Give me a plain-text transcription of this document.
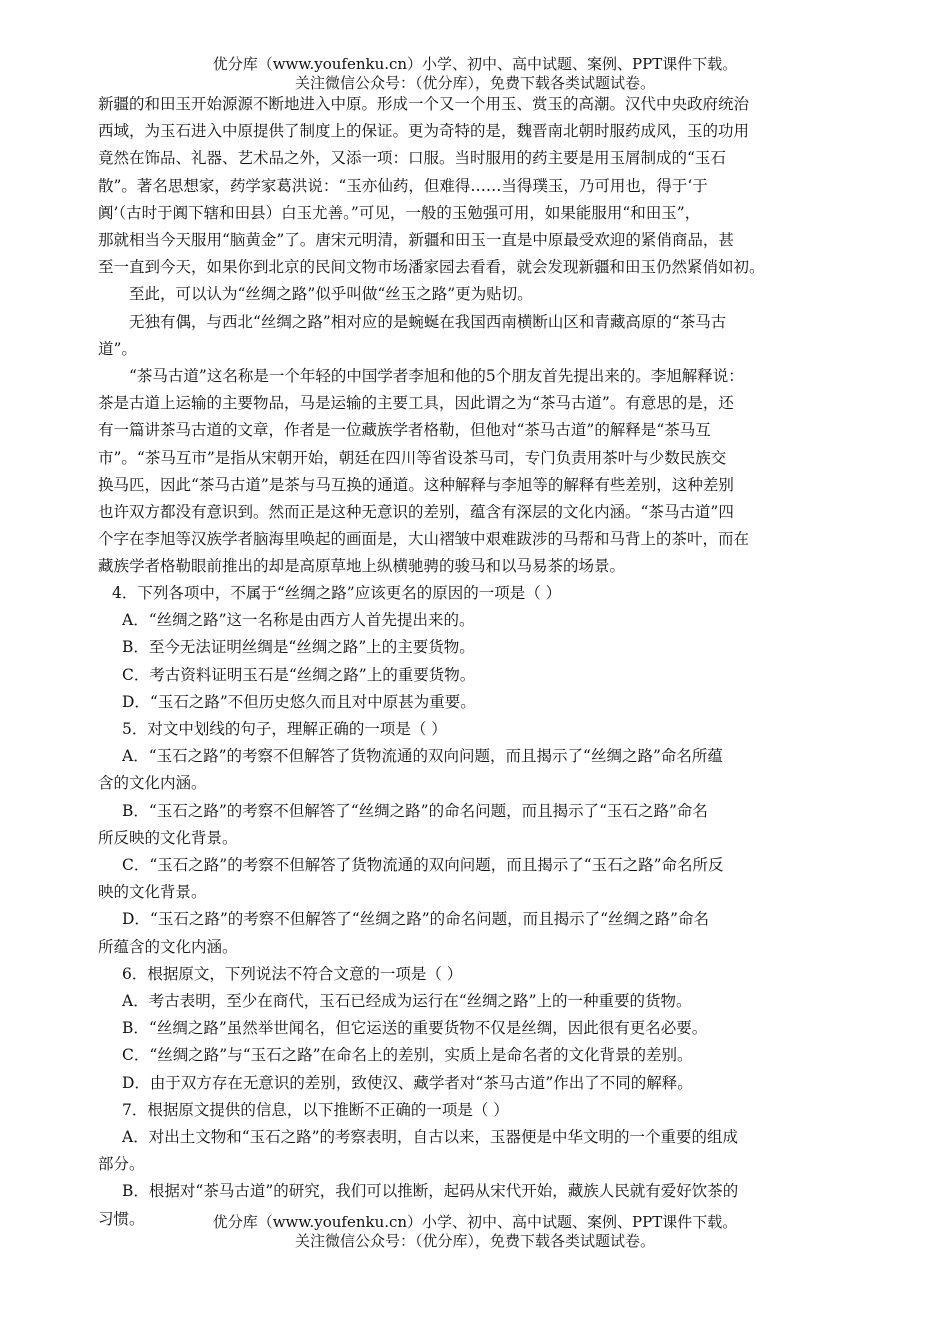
优分库（www.youfenku.cn）小学、初中、高中试题、案例、PPT课件下载。
关注微信公众号：（优分库），免费下载各类试题试卷。
新疆的和田玉开始源源不断地进入中原。形成一个又一个用玉、赏玉的高潮。汉代中央政府统治
西域，为玉石进入中原提供了制度上的保证。更为奇特的是，魏晋南北朝时服药成风，玉的功用
竟然在饰品、礼器、艺术品之外，又添一项：口服。当时服用的药主要是用玉屑制成的“玉石
散”。著名思想家，药学家葛洪说：“玉亦仙药，但难得……当得璞玉，乃可用也，得于‘于
阗’（古时于阗下辖和田县）白玉尤善。”可见，一般的玉勉强可用，如果能服用“和田玉”，
那就相当今天服用“脑黄金”了。唐宋元明清，新疆和田玉一直是中原最受欢迎的紧俏商品，甚
至一直到今天，如果你到北京的民间文物市场潘家园去看看，就会发现新疆和田玉仍然紧俏如初。
至此，可以认为“丝绸之路”似乎叫做“丝玉之路”更为贴切。
无独有偶，与西北“丝绸之路”相对应的是蜿蜒在我国西南横断山区和青藏高原的“茶马古
道”。
“茶马古道”这名称是一个年轻的中国学者李旭和他的5个朋友首先提出来的。李旭解释说：
茶是古道上运输的主要物品，马是运输的主要工具，因此谓之为“茶马古道”。有意思的是，还
有一篇讲茶马古道的文章，作者是一位藏族学者格勒，但他对“茶马古道”的解释是“茶马互
市”。“茶马互市”是指从宋朝开始，朝廷在四川等省设茶马司，专门负责用茶叶与少数民族交
换马匹，因此“茶马古道”是茶与马互换的通道。这种解释与李旭等的解释有些差别，这种差别
也许双方都没有意识到。然而正是这种无意识的差别，蕴含有深层的文化内涵。“茶马古道”四
个字在李旭等汉族学者脑海里唤起的画面是，大山褶皱中艰难跋涉的马帮和马背上的茶叶，而在
藏族学者格勒眼前推出的却是高原草地上纵横驰骋的骏马和以马易茶的场景。
4．下列各项中，不属于“丝绸之路”应该更名的原因的一项是（ ）
A．“丝绸之路”这一名称是由西方人首先提出来的。
B．至今无法证明丝绸是“丝绸之路”上的主要货物。
C．考古资料证明玉石是“丝绸之路”上的重要货物。
D．“玉石之路”不但历史悠久而且对中原甚为重要。
5．对文中划线的句子，理解正确的一项是（ ）
A．“玉石之路”的考察不但解答了货物流通的双向问题，而且揭示了“丝绸之路”命名所蕴
含的文化内涵。
B．“玉石之路”的考察不但解答了“丝绸之路”的命名问题，而且揭示了“玉石之路”命名
所反映的文化背景。
C．“玉石之路”的考察不但解答了货物流通的双向问题，而且揭示了“玉石之路”命名所反
映的文化背景。
D．“玉石之路”的考察不但解答了“丝绸之路”的命名问题，而且揭示了“丝绸之路”命名
所蕴含的文化内涵。
6．根据原文，下列说法不符合文意的一项是（ ）
A．考古表明，至少在商代，玉石已经成为运行在“丝绸之路”上的一种重要的货物。
B．“丝绸之路”虽然举世闻名，但它运送的重要货物不仅是丝绸，因此很有更名必要。
C．“丝绸之路”与“玉石之路”在命名上的差别，实质上是命名者的文化背景的差别。
D．由于双方存在无意识的差别，致使汉、藏学者对“茶马古道”作出了不同的解释。
优分库（www.youfenku.cn）小学、初中、高中试题、案例、PPT课件下载。
关注微信公众号：（优分库），免费下载各类试题试卷。
7．根据原文提供的信息，以下推断不正确的一项是（ ）
A．对出土文物和“玉石之路”的考察表明，自古以来，玉器便是中华文明的一个重要的组成
部分。
B．根据对“茶马古道”的研究，我们可以推断，起码从宋代开始，藏族人民就有爱好饮茶的
习惯。
